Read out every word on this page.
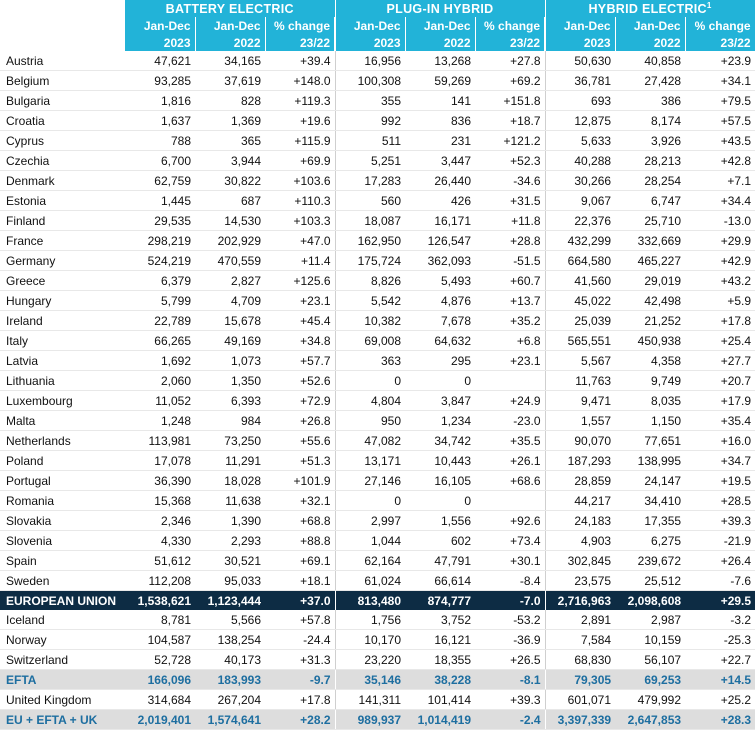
	BATTERY ELECTRIC			PLUG-IN HYBRID			HYBRID ELECTRIC$^1$
	Jan-Dec	Jan-Dec	% change	Jan-Dec	Jan-Dec	% change	Jan-Dec	Jan-Dec	% change
	2023	2022	23/22	2023	2022	23/22	2023	2022	23/22
Austria	47,621	34,165	+39.4	16,956	13,268	+27.8	50,630	40,858	+23.9
Belgium	93,285	37,619	+148.0	100,308	59,269	+69.2	36,781	27,428	+34.1
Bulgaria	1,816	828	+119.3	355	141	+151.8	693	386	+79.5
Croatia	1,637	1,369	+19.6	992	836	+18.7	12,875	8,174	+57.5
Cyprus	788	365	+115.9	511	231	+121.2	5,633	3,926	+43.5
Czechia	6,700	3,944	+69.9	5,251	3,447	+52.3	40,288	28,213	+42.8
Denmark	62,759	30,822	+103.6	17,283	26,440	-34.6	30,266	28,254	+7.1
Estonia	1,445	687	+110.3	560	426	+31.5	9,067	6,747	+34.4
Finland	29,535	14,530	+103.3	18,087	16,171	+11.8	22,376	25,710	-13.0
France	298,219	202,929	+47.0	162,950	126,547	+28.8	432,299	332,669	+29.9
Germany	524,219	470,559	+11.4	175,724	362,093	-51.5	664,580	465,227	+42.9
Greece	6,379	2,827	+125.6	8,826	5,493	+60.7	41,560	29,019	+43.2
Hungary	5,799	4,709	+23.1	5,542	4,876	+13.7	45,022	42,498	+5.9
Ireland	22,789	15,678	+45.4	10,382	7,678	+35.2	25,039	21,252	+17.8
Italy	66,265	49,169	+34.8	69,008	64,632	+6.8	565,551	450,938	+25.4
Latvia	1,692	1,073	+57.7	363	295	+23.1	5,567	4,358	+27.7
Lithuania	2,060	1,350	+52.6	0	0		11,763	9,749	+20.7
Luxembourg	11,052	6,393	+72.9	4,804	3,847	+24.9	9,471	8,035	+17.9
Malta	1,248	984	+26.8	950	1,234	-23.0	1,557	1,150	+35.4
Netherlands	113,981	73,250	+55.6	47,082	34,742	+35.5	90,070	77,651	+16.0
Poland	17,078	11,291	+51.3	13,171	10,443	+26.1	187,293	138,995	+34.7
Portugal	36,390	18,028	+101.9	27,146	16,105	+68.6	28,859	24,147	+19.5
Romania	15,368	11,638	+32.1	0	0		44,217	34,410	+28.5
Slovakia	2,346	1,390	+68.8	2,997	1,556	+92.6	24,183	17,355	+39.3
Slovenia	4,330	2,293	+88.8	1,044	602	+73.4	4,903	6,275	-21.9
Spain	51,612	30,521	+69.1	62,164	47,791	+30.1	302,845	239,672	+26.4
Sweden	112,208	95,033	+18.1	61,024	66,614	-8.4	23,575	25,512	-7.6
EUROPEAN UNION	1,538,621	1,123,444	+37.0	813,480	874,777	-7.0	2,716,963	2,098,608	+29.5
Iceland	8,781	5,566	+57.8	1,756	3,752	-53.2	2,891	2,987	-3.2
Norway	104,587	138,254	-24.4	10,170	16,121	-36.9	7,584	10,159	-25.3
Switzerland	52,728	40,173	+31.3	23,220	18,355	+26.5	68,830	56,107	+22.7
EFTA	166,096	183,993	-9.7	35,146	38,228	-8.1	79,305	69,253	+14.5
United Kingdom	314,684	267,204	+17.8	141,311	101,414	+39.3	601,071	479,992	+25.2
EU + EFTA + UK	2,019,401	1,574,641	+28.2	989,937	1,014,419	-2.4	3,397,339	2,647,853	+28.3
